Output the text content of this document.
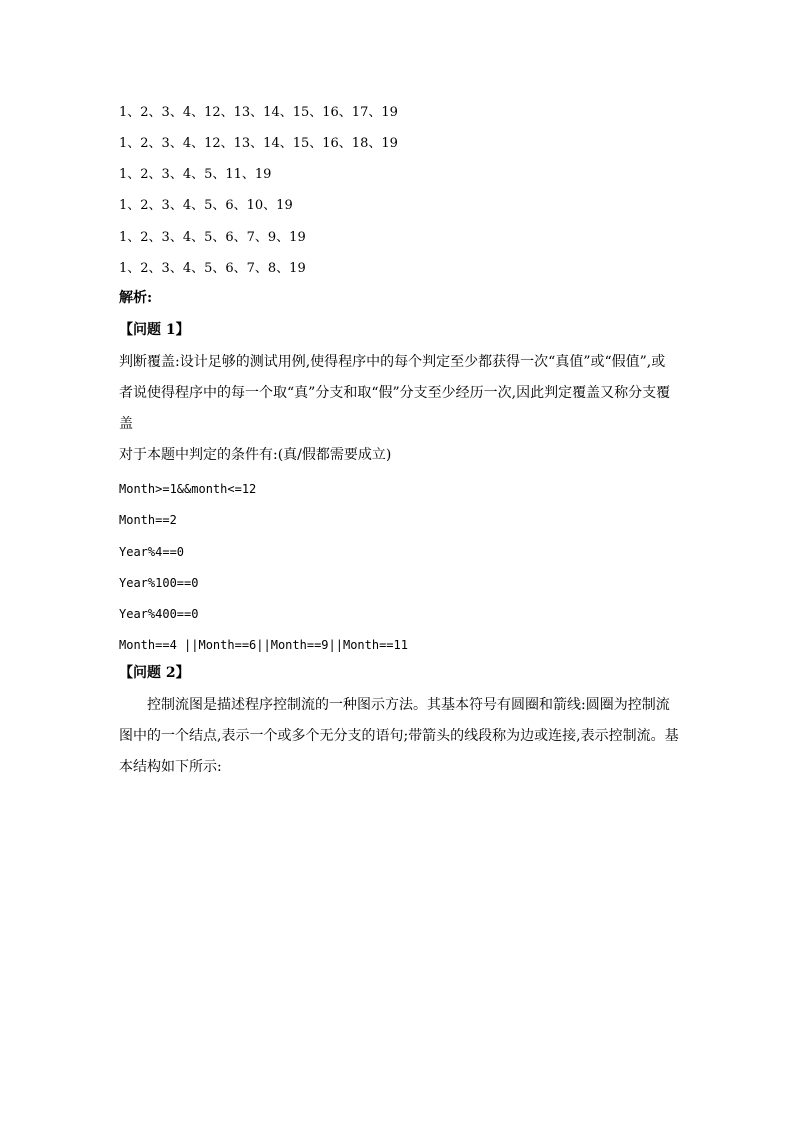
1、2、3、4、12、13、14、15、16、17、19
1、2、3、4、12、13、14、15、16、18、19
1、2、3、4、5、11、19
1、2、3、4、5、6、10、19
1、2、3、4、5、6、7、9、19
1、2、3、4、5、6、7、8、19
解析:
【问题 1】
判断覆盖:设计足够的测试用例,使得程序中的每个判定至少都获得一次“真值”或“假值”,或者说使得程序中的每一个取“真”分支和取“假”分支至少经历一次,因此判定覆盖又称分支覆盖
对于本题中判定的条件有:(真/假都需要成立)
Month>=1&&month<=12
Month==2
Year%4==0
Year%100==0
Year%400==0
Month==4 ||Month==6||Month==9||Month==11
【问题 2】
控制流图是描述程序控制流的一种图示方法。其基本符号有圆圈和箭线:圆圈为控制流图中的一个结点,表示一个或多个无分支的语句;带箭头的线段称为边或连接,表示控制流。基本结构如下所示:
